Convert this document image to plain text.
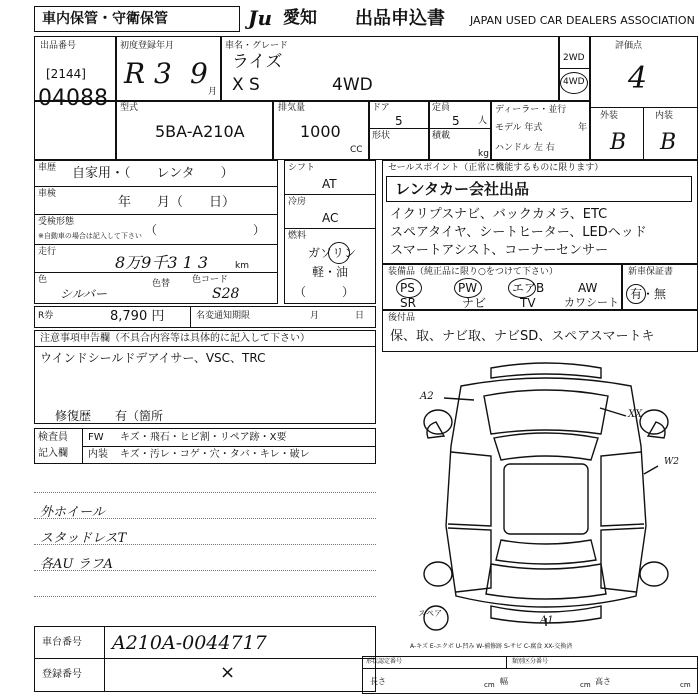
車内保管・守衛保管	Ju 愛知 出品申込書 JAPAN USED CAR DEALERS ASSOCIATION
出品番号
[2144]
04088
初度登録年月
R 3 9
月
車名・グレード
ライズ
X S	4WD
2WD
4WD
評価点
4
外装	内装
B B
型式
5BA-A210A
排気量
1000
CC
ドア
5
定員
5 人
形状	積載
kg
ディーラー・並行
モデル 年式	年
ハンドル 左 右
車歴 自家用・（　　レンタ　　）
車検
年　　月（　　日）
受検形態
※自動車の場合は記入して下さい （　　　　　　　　）
走行
8万9千3 1 3	km
色
シルバー
色替 色コード
S28
シフト
AT
冷房
AC
燃料
ガソリン
軽・油
（　　　）
セールスポイント（正常に機能するものに限ります）
レンタカー会社出品
イクリプスナビ、バックカメラ、ETC
スペアタイヤ、シートヒーター、LEDヘッド
スマートアシスト、コーナーセンサー
装備品（純正品に限り○をつけて下さい）
PS	PW	エアB	AW
SR	ナビ	TV	カワシート
新車保証書
有・無
後付品
保、取、ナビ取、ナビSD、スペアスマートキ
R券	8,790 円	名変通知期限	月	日
注意事項申告欄（不具合内容等は具体的に記入して下さい）
ウインドシールドデアイサー、VSC、TRC
修復歴　　有（箇所
検査員
記入欄
FW キズ・飛石・ヒビ割・リペア跡・X要
内装 キズ・汚レ・コゲ・穴・タバ・キレ・破レ
外ホイール
スタッドレスT
各AU ラフA
A2
XX
W2
A1
スペア
A-キズ E-エクボ U-凹み W-補修跡 S-サビ C-腐食 XX-交換済
車台番号 A210A-0044717
登録番号	×
形状認定番号	類別区分番号
長さ	cm 幅	cm 高さ	cm
